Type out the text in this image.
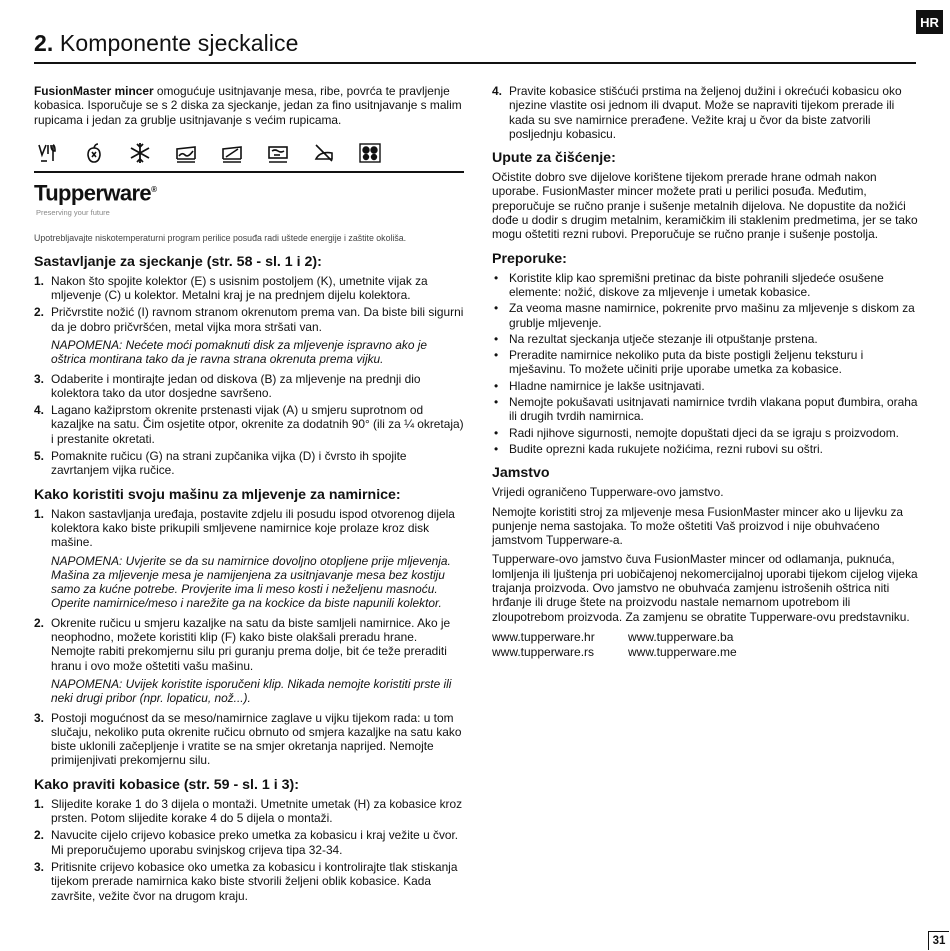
HR
2. Komponente sjeckalice

FusionMaster mincer omogućuje usitnjavanje mesa, ribe, povrća te pravljenje kobasica. Isporučuje se s 2 diska za sjeckanje, jedan za fino usitnjavanje s malim rupicama i jedan za grublje usitnjavanje s većim rupicama.

Tupperware®
Preserving your future
Upotrebljavajte niskotemperaturni program perilice posuđa radi uštede energije i zaštite okoliša.
Sastavljanje za sjeckanje (str. 58 - sl. 1 i 2):
1. Nakon što spojite kolektor (E) s usisnim postoljem (K), umetnite vijak za mljevenje (C) u kolektor. Metalni kraj je na prednjem dijelu kolektora.
2. Pričvrstite nožić (I) ravnom stranom okrenutom prema van. Da biste bili sigurni da je dobro pričvršćen, metal vijka mora stršati van.

NAPOMENA: Nećete moći pomaknuti disk za mljevenje ispravno ako je oštrica montirana tako da je ravna strana okrenuta prema vijku.

3. Odaberite i montirajte jedan od diskova (B) za mljevenje na prednji dio kolektora tako da utor dosjedne savršeno.
4. Lagano kažiprstom okrenite prstenasti vijak (A) u smjeru suprotnom od kazaljke na satu. Čim osjetite otpor, okrenite za dodatnih 90° (ili za ¼ okretaja) i prestanite okretati.
5. Pomaknite ručicu (G) na strani zupčanika vijka (D) i čvrsto ih spojite zavrtanjem vijka ručice.
Kako koristiti svoju mašinu za mljevenje za namirnice:
1. Nakon sastavljanja uređaja, postavite zdjelu ili posudu ispod otvorenog dijela kolektora kako biste prikupili smljevene namirnice koje prolaze kroz disk mašine.

NAPOMENA: Uvjerite se da su namirnice dovoljno otopljene prije mljevenja. Mašina za mljevenje mesa je namijenjena za usitnjavanje mesa bez kostiju samo za kućne potrebe. Provjerite ima li meso kosti i neželjenu masnoću. Operite namirnice/meso i narežite ga na kockice da biste napunili kolektor.

2. Okrenite ručicu u smjeru kazaljke na satu da biste samljeli namirnice. Ako je neophodno, možete koristiti klip (F) kako biste olakšali preradu hrane. Nemojte rabiti prekomjernu silu pri guranju prema dolje, bit će teže preraditi hranu i ovo može oštetiti vašu mašinu.

NAPOMENA: Uvijek koristite isporučeni klip. Nikada nemojte koristiti prste ili neki drugi pribor (npr. lopaticu, nož...).

3. Postoji mogućnost da se meso/namirnice zaglave u vijku tijekom rada: u tom slučaju, nekoliko puta okrenite ručicu obrnuto od smjera kazaljke na satu kako biste uklonili začepljenje i vratite se na smjer okretanja naprijed. Nemojte primijenjivati prekomjernu silu.
Kako praviti kobasice (str. 59 - sl. 1 i 3):
1. Slijedite korake 1 do 3 dijela o montaži. Umetnite umetak (H) za kobasice kroz prsten. Potom slijedite korake 4 do 5 dijela o montaži.
2. Navucite cijelo crijevo kobasice preko umetka za kobasicu i kraj vežite u čvor. Mi preporučujemo uporabu svinjskog crijeva tipa 32-34.
3. Pritisnite crijevo kobasice oko umetka za kobasicu i kontrolirajte tlak stiskanja tijekom prerade namirnica kako biste stvorili željeni oblik kobasice. Kada završite, vežite čvor na drugom kraju.
4. Pravite kobasice stišćući prstima na željenoj dužini i okrećući kobasicu oko njezine vlastite osi jednom ili dvaput. Može se napraviti tijekom prerade ili kada su sve namirnice prerađene. Vežite kraj u čvor da biste zatvorili posljednju kobasicu.
Upute za čišćenje:

Očistite dobro sve dijelove korištene tijekom prerade hrane odmah nakon uporabe. FusionMaster mincer možete prati u perilici posuđa. Međutim, preporučuje se ručno pranje i sušenje metalnih dijelova. Ne dopustite da nožići dođe u dodir s drugim metalnim, keramičkim ili staklenim predmetima, jer se tako mogu oštetiti rezni rubovi. Preporučuje se ručno pranje i sušenje postolja.

Preporuke:
• Koristite klip kao spremišni pretinac da biste pohranili sljedeće osušene elemente: nožić, diskove za mljevenje i umetak kobasice.
• Za veoma masne namirnice, pokrenite prvo mašinu za mljevenje s diskom za grublje mljevenje.
• Na rezultat sjeckanja utječe stezanje ili otpuštanje prstena.
• Preradite namirnice nekoliko puta da biste postigli željenu teksturu i mješavinu. To možete učiniti prije uporabe umetka za kobasice.
• Hladne namirnice je lakše usitnjavati.
• Nemojte pokušavati usitnjavati namirnice tvrdih vlakana poput đumbira, oraha ili drugih tvrdih namirnica.
• Radi njihove sigurnosti, nemojte dopuštati djeci da se igraju s proizvodom.
• Budite oprezni kada rukujete nožićima, rezni rubovi su oštri.
Jamstvo

Vrijedi ograničeno Tupperware-ovo jamstvo.

Nemojte koristiti stroj za mljevenje mesa FusionMaster mincer ako u lijevku za punjenje nema sastojaka. To može oštetiti Vaš proizvod i nije obuhvaćeno jamstvom Tupperware-a.

Tupperware-ovo jamstvo čuva FusionMaster mincer od odlamanja, puknuća, lomljenja ili ljuštenja pri uobičajenoj nekomercijalnoj uporabi tijekom cijelog vijeka trajanja proizvoda. Ovo jamstvo ne obuhvaća zamjenu istrošenih oštrica niti hrđanje ili druge štete na proizvodu nastale nemarnom upotrebom ili zloupotrebom proizvoda. Za zamjenu se obratite Tupperware-ovu predstavniku.

www.tupperware.hr	www.tupperware.ba
www.tupperware.rs	www.tupperware.me
31
